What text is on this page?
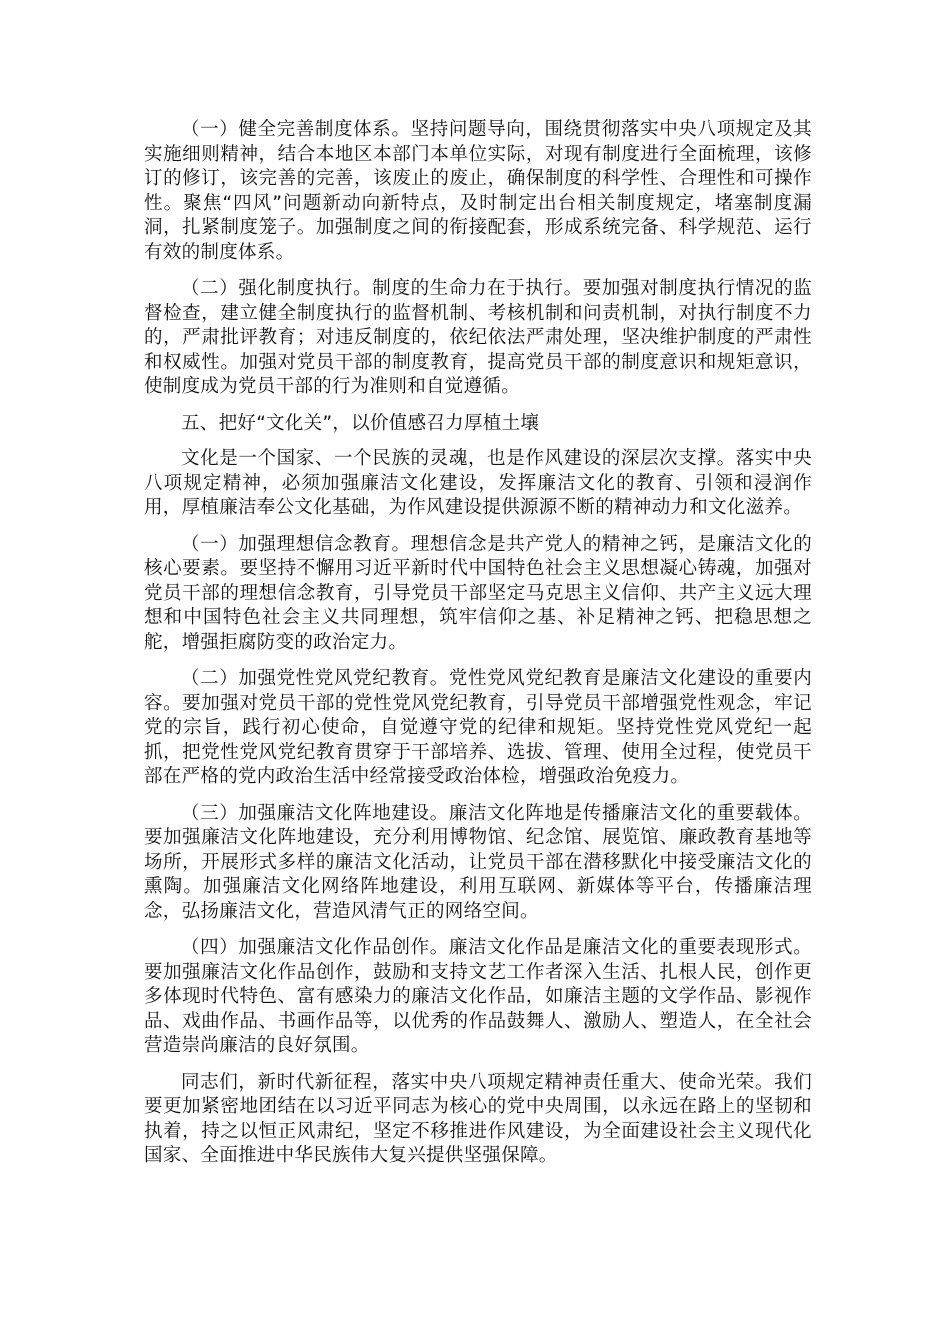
（一）健全完善制度体系。坚持问题导向，围绕贯彻落实中央八项规定及其实施细则精神，结合本地区本部门本单位实际，对现有制度进行全面梳理，该修订的修订，该完善的完善，该废止的废止，确保制度的科学性、合理性和可操作性。聚焦“四风”问题新动向新特点，及时制定出台相关制度规定，堵塞制度漏洞，扎紧制度笼子。加强制度之间的衔接配套，形成系统完备、科学规范、运行有效的制度体系。

（二）强化制度执行。制度的生命力在于执行。要加强对制度执行情况的监督检查，建立健全制度执行的监督机制、考核机制和问责机制，对执行制度不力的，严肃批评教育；对违反制度的，依纪依法严肃处理，坚决维护制度的严肃性和权威性。加强对党员干部的制度教育，提高党员干部的制度意识和规矩意识，使制度成为党员干部的行为准则和自觉遵循。

五、把好“文化关”，以价值感召力厚植土壤

文化是一个国家、一个民族的灵魂，也是作风建设的深层次支撑。落实中央八项规定精神，必须加强廉洁文化建设，发挥廉洁文化的教育、引领和浸润作用，厚植廉洁奉公文化基础，为作风建设提供源源不断的精神动力和文化滋养。

（一）加强理想信念教育。理想信念是共产党人的精神之钙，是廉洁文化的核心要素。要坚持不懈用习近平新时代中国特色社会主义思想凝心铸魂，加强对党员干部的理想信念教育，引导党员干部坚定马克思主义信仰、共产主义远大理想和中国特色社会主义共同理想，筑牢信仰之基、补足精神之钙、把稳思想之舵，增强拒腐防变的政治定力。

（二）加强党性党风党纪教育。党性党风党纪教育是廉洁文化建设的重要内容。要加强对党员干部的党性党风党纪教育，引导党员干部增强党性观念，牢记党的宗旨，践行初心使命，自觉遵守党的纪律和规矩。坚持党性党风党纪一起抓，把党性党风党纪教育贯穿于干部培养、选拔、管理、使用全过程，使党员干部在严格的党内政治生活中经常接受政治体检，增强政治免疫力。

（三）加强廉洁文化阵地建设。廉洁文化阵地是传播廉洁文化的重要载体。要加强廉洁文化阵地建设，充分利用博物馆、纪念馆、展览馆、廉政教育基地等场所，开展形式多样的廉洁文化活动，让党员干部在潜移默化中接受廉洁文化的熏陶。加强廉洁文化网络阵地建设，利用互联网、新媒体等平台，传播廉洁理念，弘扬廉洁文化，营造风清气正的网络空间。

（四）加强廉洁文化作品创作。廉洁文化作品是廉洁文化的重要表现形式。要加强廉洁文化作品创作，鼓励和支持文艺工作者深入生活、扎根人民，创作更多体现时代特色、富有感染力的廉洁文化作品，如廉洁主题的文学作品、影视作品、戏曲作品、书画作品等，以优秀的作品鼓舞人、激励人、塑造人，在全社会营造崇尚廉洁的良好氛围。

同志们，新时代新征程，落实中央八项规定精神责任重大、使命光荣。我们要更加紧密地团结在以习近平同志为核心的党中央周围，以永远在路上的坚韧和执着，持之以恒正风肃纪，坚定不移推进作风建设，为全面建设社会主义现代化国家、全面推进中华民族伟大复兴提供坚强保障。
